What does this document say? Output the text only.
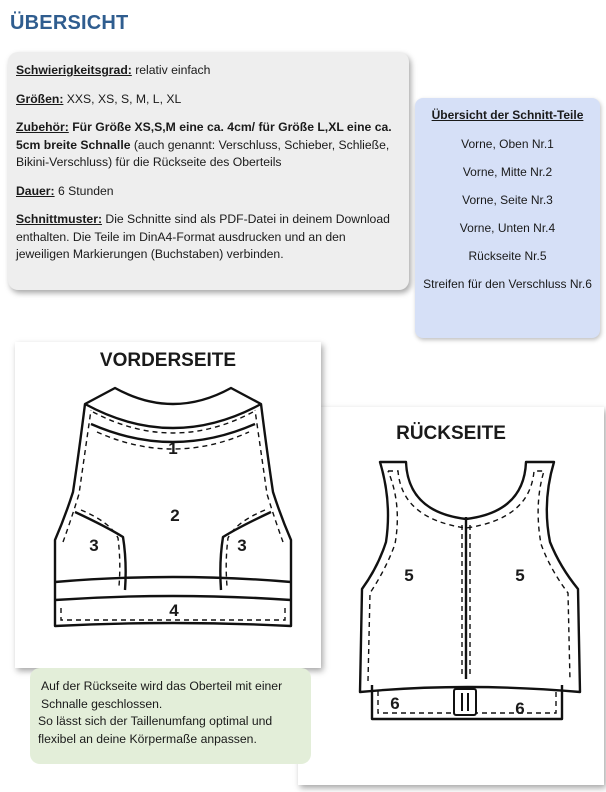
ÜBERSICHT

Schwierigkeitsgrad: relativ einfach

Größen: XXS, XS, S, M, L, XL

Zubehör: Für Größe XS,S,M eine ca. 4cm/ für Größe L,XL eine ca. 5cm breite Schnalle (auch genannt: Verschluss, Schieber, Schließe, Bikini-Verschluss) für die Rückseite des Oberteils

Dauer: 6 Stunden

Schnittmuster: Die Schnitte sind als PDF-Datei in deinem Download enthalten. Die Teile im DinA4-Format ausdrucken und an den jeweiligen Markierungen (Buchstaben) verbinden.

Übersicht der Schnitt-Teile
Vorne, Oben Nr.1
Vorne, Mitte Nr.2
Vorne, Seite Nr.3
Vorne, Unten Nr.4
Rückseite Nr.5
Streifen für den Verschluss Nr.6
RÜCKSEITE
5	5
6	6
VORDERSEITE
1
2
3	3
4
Auf der Rückseite wird das Oberteil mit einer Schnalle geschlossen.
So lässt sich der Taillenumfang optimal und flexibel an deine Körpermaße anpassen.
